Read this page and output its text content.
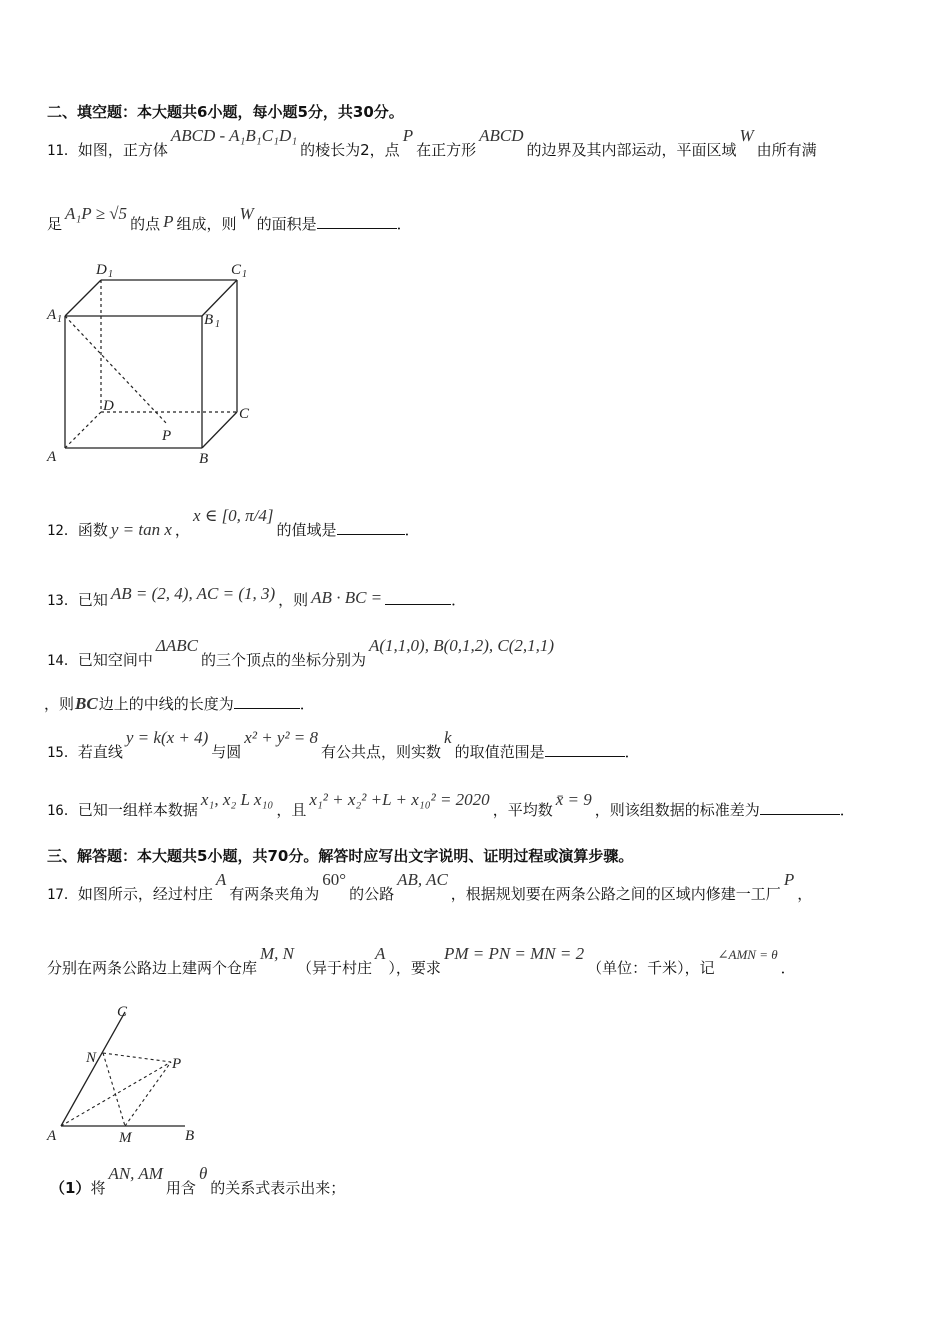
二、填空题：本大题共6小题，每小题5分，共30分。
11．如图，正方体ABCD - A₁B₁C₁D₁的棱长为2，点P在正方形ABCD的边界及其内部运动，平面区域W由所有满
足A₁P ≥ √5的点 P 组成，则W的面积是	．
A	B
C
D
P
A 1	B 1
C 1
D 1
12．函数 y = tan x ，x ∈ [0, π/4]的值域是	．
13．已知 AB = (2, 4), AC = (1, 3) ，则 AB · BC =	．
14．已知空间中ΔABC的三个顶点的坐标分别为A(1,1,0), B(0,1,2), C(2,1,1)
，则BC边上的中线的长度为	．
15．若直线y = k(x + 4)与圆x² + y² = 8有公共点，则实数k的取值范围是	．
16．已知一组样本数据x₁, x₂ L x₁₀，且x₁² + x₂² +L + x₁₀² = 2020，平均数x̄ = 9，则该组数据的标准差为	．
三、解答题：本大题共5小题，共70分。解答时应写出文字说明、证明过程或演算步骤。
17．如图所示，经过村庄A有两条夹角为60°的公路AB, AC，根据规划要在两条公路之间的区域内修建一工厂P，
分别在两条公路边上建两个仓库M, N（异于村庄A），要求PM = PN = MN = 2（单位：千米），记∠AMN = θ．
A	M	B
C
N	P
（1）将AN, AM用含θ的关系式表示出来；
